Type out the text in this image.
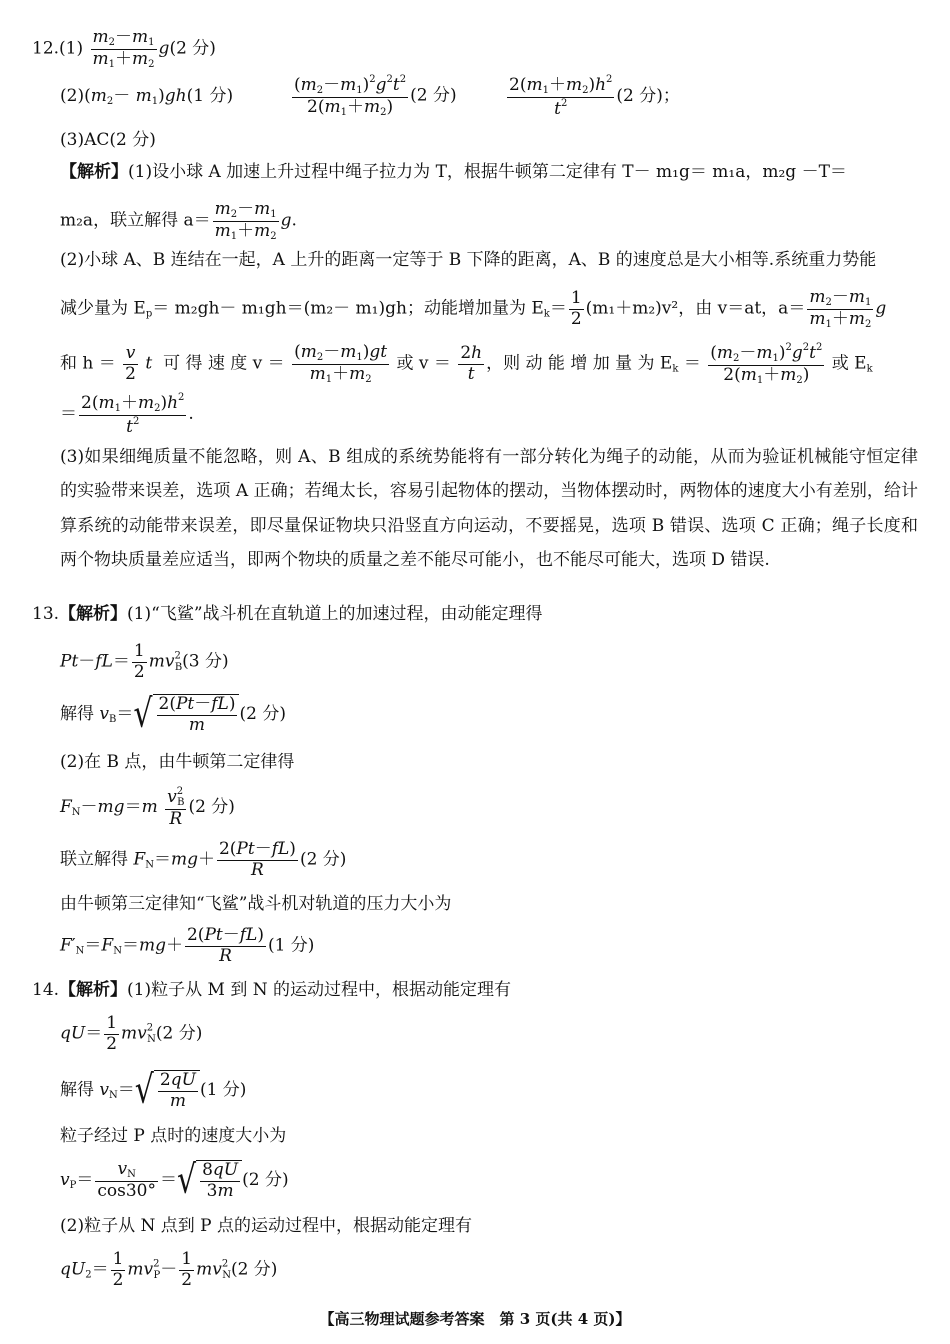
$12.(1) \frac{m_2-m_1}{m_1+m_2} g(2$ 分)
$(2)(m_2- m_1)gh(1$ 分)	$\frac{(m_2-m_1)^2g^2t^2}{2(m_1+m_2)} (2$ 分)	$\frac{2(m_1+m_2)h^2}{t^2} (2$ 分)；
(3)AC(2 分)
【解析】(1)设小球 A 加速上升过程中绳子拉力为 T，根据牛顿第二定律有 T－ m₁g＝ m₁a，m₂g －T＝
m₂a，联立解得 $a= \frac{m_2-m_1}{m_1+m_2} g$.
(2)小球 A、B 连结在一起，A 上升的距离一定等于 B 下降的距离，A、B 的速度总是大小相等.系统重力势能
减少量为 $E_p= m_2gh- m_1gh=(m_2- m_1)gh$；动能增加量为 $E_k= \frac{1}{2} (m_1+m_2)v^2$，由 v＝at，$a= \frac{m_2-m_1}{m_1+m_2}$ g
和 $h = \frac{v}{2}$ t 可 得 速 度 $v = \frac{(m_2-m_1)gt}{m_1+m_2}$ 或 $v = \frac{2h}{t}$ ，则 动 能 增 加 量 为 $E_k = \frac{(m_2-m_1)^2g^2t^2}{2(m_1+m_2)}$ 或 $E_k$
＝ $\frac{2(m_1+m_2)h^2}{t^2}$ .
(3)如果细绳质量不能忽略，则 A、B 组成的系统势能将有一部分转化为绳子的动能，从而为验证机械能守恒定律的实验带来误差，选项 A 正确；若绳太长，容易引起物体的摆动，当物体摆动时，两物体的速度大小有差别，给计算系统的动能带来误差，即尽量保证物块只沿竖直方向运动，不要摇晃，选项 B 错误、选项 C 正确；绳子长度和两个物块质量差应适当，即两个物块的质量之差不能尽可能小，也不能尽可能大，选项 D 错误.
13.【解析】(1)“飞鲨”战斗机在直轨道上的加速过程，由动能定理得
$Pt-fL= \frac{1}{2} mv^2_B(3$ 分)
解得 $v_B=√ \frac{2(Pt-fL)}{m} (2$ 分)
(2)在 B 点，由牛顿第二定律得
$F_N-mg=m \frac{v^2_B}{R} (2$ 分)
联立解得 $F_N=mg+ \frac{2(Pt-fL)}{R} (2$ 分)
由牛顿第三定律知“飞鲨”战斗机对轨道的压力大小为
$F'_N=F_N=mg+ \frac{2(Pt-fL)}{R} (1$ 分)
14.【解析】(1)粒子从 M 到 N 的运动过程中，根据动能定理有
$qU= \frac{1}{2} mv^2_N(2$ 分)
解得 $v_N=√ \frac{2qU}{m} (1$ 分)
粒子经过 P 点时的速度大小为
$v_P= \frac{v_N}{\cos 30^\circ}$ ＝√ $\frac{8qU}{3m} (2$ 分)
(2)粒子从 N 点到 P 点的运动过程中，根据动能定理有
$qU_2= \frac{1}{2} mv^2_P- \frac{1}{2} mv^2_N(2$ 分)
【高三物理试题参考答案　第 3 页(共 4 页)】
